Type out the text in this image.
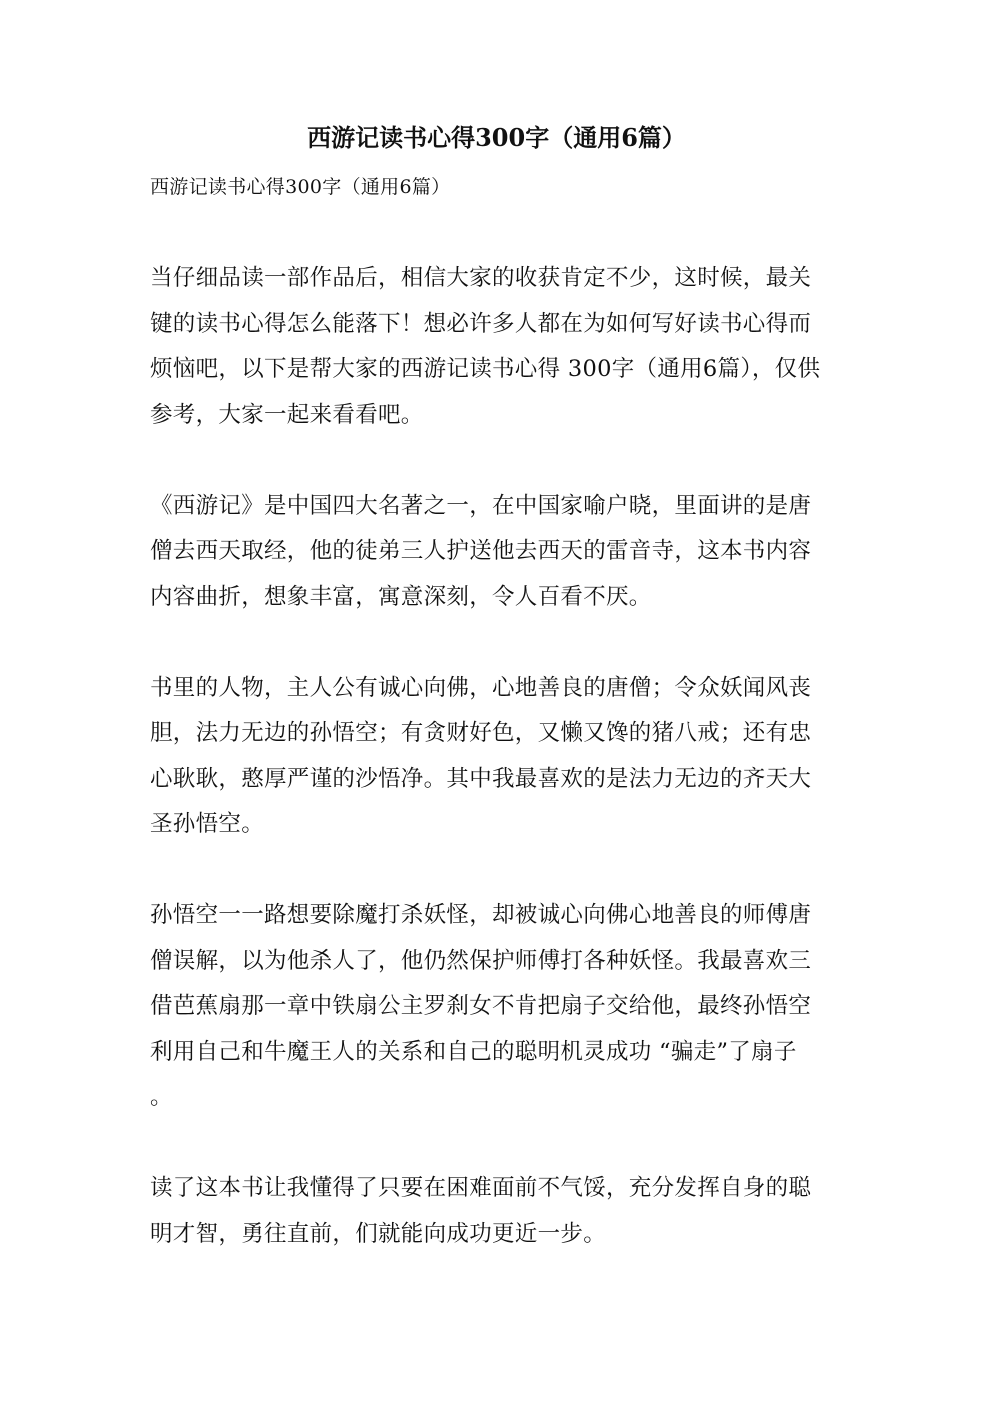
西游记读书心得300字（通用6篇）
西游记读书心得300字（通用6篇）
当仔细品读一部作品后，相信大家的收获肯定不少，这时候，最关
键的读书心得怎么能落下！想必许多人都在为如何写好读书心得而
烦恼吧，以下是帮大家的西游记读书心得 300字（通用6篇），仅供
参考，大家一起来看看吧。
《西游记》是中国四大名著之一，在中国家喻户晓，里面讲的是唐
僧去西天取经，他的徒弟三人护送他去西天的雷音寺，这本书内容
内容曲折，想象丰富，寓意深刻，令人百看不厌。
书里的人物，主人公有诚心向佛，心地善良的唐僧；令众妖闻风丧
胆，法力无边的孙悟空；有贪财好色，又懒又馋的猪八戒；还有忠
心耿耿，憨厚严谨的沙悟净。其中我最喜欢的是法力无边的齐天大
圣孙悟空。
孙悟空一一路想要除魔打杀妖怪，却被诚心向佛心地善良的师傅唐
僧误解，以为他杀人了，他仍然保护师傅打各种妖怪。我最喜欢三
借芭蕉扇那一章中铁扇公主罗刹女不肯把扇子交给他，最终孙悟空
利用自己和牛魔王人的关系和自己的聪明机灵成功 “骗走”了扇子
。
读了这本书让我懂得了只要在困难面前不气馁，充分发挥自身的聪
明才智，勇往直前，们就能向成功更近一步。
